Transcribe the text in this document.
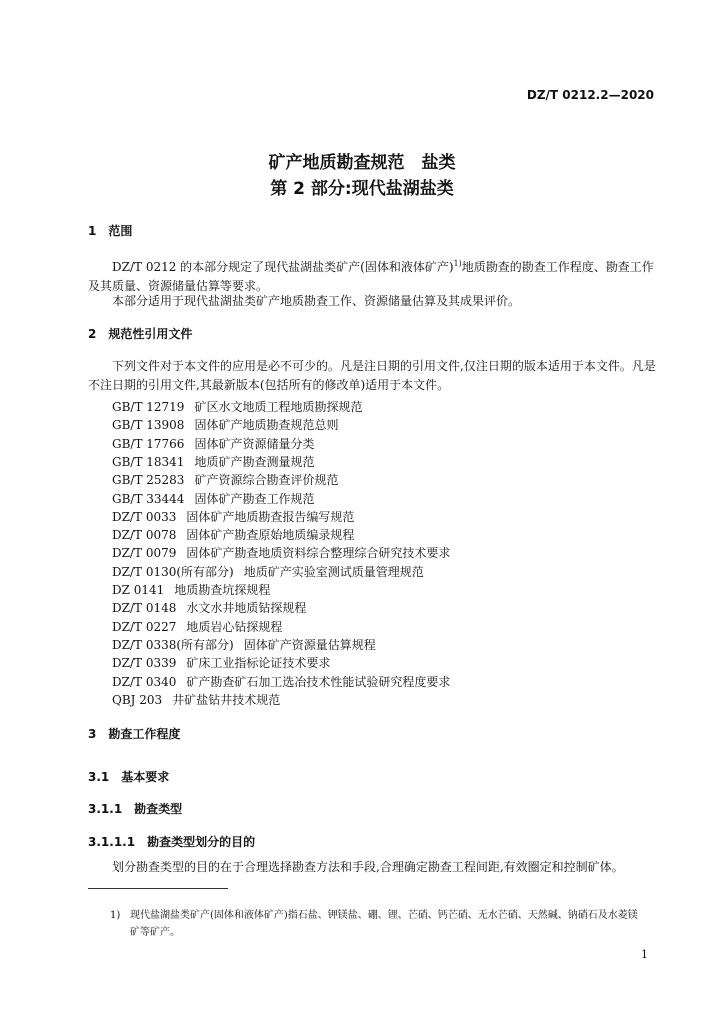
DZ/T 0212.2—2020
矿产地质勘查规范　盐类
第 2 部分:现代盐湖盐类
1 范围
DZ/T 0212 的本部分规定了现代盐湖盐类矿产(固体和液体矿产)$^{1)}$地质勘查的勘查工作程度、勘查工作及其质量、资源储量估算等要求。
本部分适用于现代盐湖盐类矿产地质勘查工作、资源储量估算及其成果评价。
2 规范性引用文件
下列文件对于本文件的应用是必不可少的。凡是注日期的引用文件,仅注日期的版本适用于本文件。凡是不注日期的引用文件,其最新版本(包括所有的修改单)适用于本文件。
GB/T 12719 矿区水文地质工程地质勘探规范
GB/T 13908 固体矿产地质勘查规范总则
GB/T 17766 固体矿产资源储量分类
GB/T 18341 地质矿产勘查测量规范
GB/T 25283 矿产资源综合勘查评价规范
GB/T 33444 固体矿产勘查工作规范
DZ/T 0033 固体矿产地质勘查报告编写规范
DZ/T 0078 固体矿产勘查原始地质编录规程
DZ/T 0079 固体矿产勘查地质资料综合整理综合研究技术要求
DZ/T 0130(所有部分) 地质矿产实验室测试质量管理规范
DZ 0141 地质勘查坑探规程
DZ/T 0148 水文水井地质钻探规程
DZ/T 0227 地质岩心钻探规程
DZ/T 0338(所有部分) 固体矿产资源量估算规程
DZ/T 0339 矿床工业指标论证技术要求
DZ/T 0340 矿产勘查矿石加工选冶技术性能试验研究程度要求
QBJ 203 井矿盐钻井技术规范
3 勘查工作程度
3.1 基本要求
3.1.1 勘查类型
3.1.1.1 勘查类型划分的目的
划分勘查类型的目的在于合理选择勘查方法和手段,合理确定勘查工程间距,有效圈定和控制矿体。
1) 现代盐湖盐类矿产(固体和液体矿产)指石盐、钾镁盐、硼、锂、芒硝、钙芒硝、无水芒硝、天然碱、钠硝石及水菱镁
矿等矿产。
1
